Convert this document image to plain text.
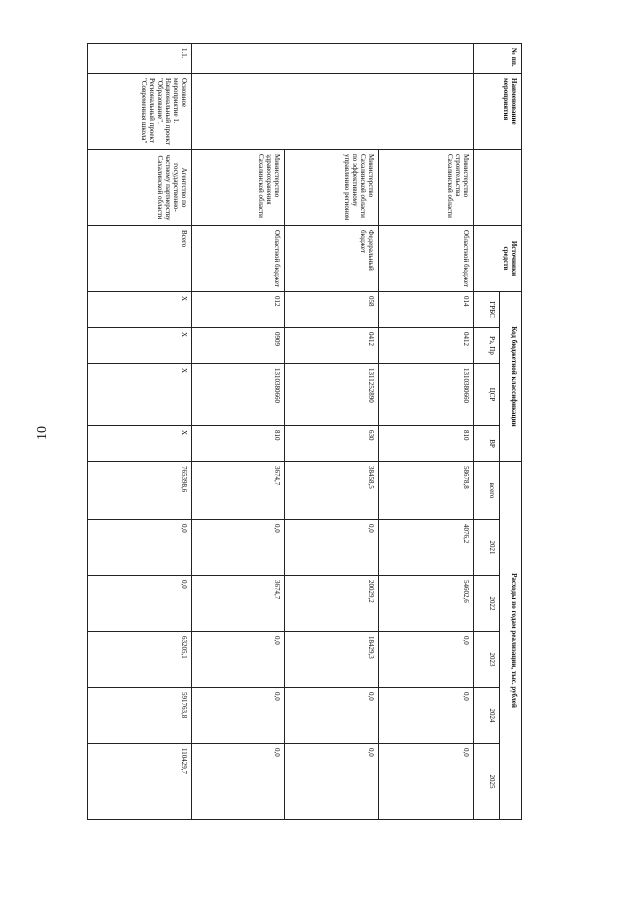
10
№ пп.	Наименование мероприятия		Источники средств	Код бюджетной классификации				Расходы по годам реализации, тыс. рублей					
				ГРБС	Рз, Пр	ЦСР	ВР	всего	2021	2022	2023	2024	2025
		Министерство строительства Сахалинской области	Областной бюджет	014	0412	1310380660	810	58678,8	4076,2	54602,6	0,0	0,0	0,0
		Министерство Сахалинской области по эффективному управлению регионом	Федеральный бюджет	058	0412	1311252890	630	38458,5	0,0	20029,2	18429,3	0,0	0,0
		Министерство здравоохранения Сахалинской области	Областной бюджет	012	0909	1310380660	810	3674,7	0,0	3674,7	0,0	0,0	0,0
1.1.	Основное мероприятие 1. Национальный проект "Образование". Региональный проект "Современная школа"	Агентство по государственно-частному партнерству Сахалинской области	Всего	Х	Х	Х	Х	765398,6	0,0	0,0	63205,1	591763,8	110429,7
